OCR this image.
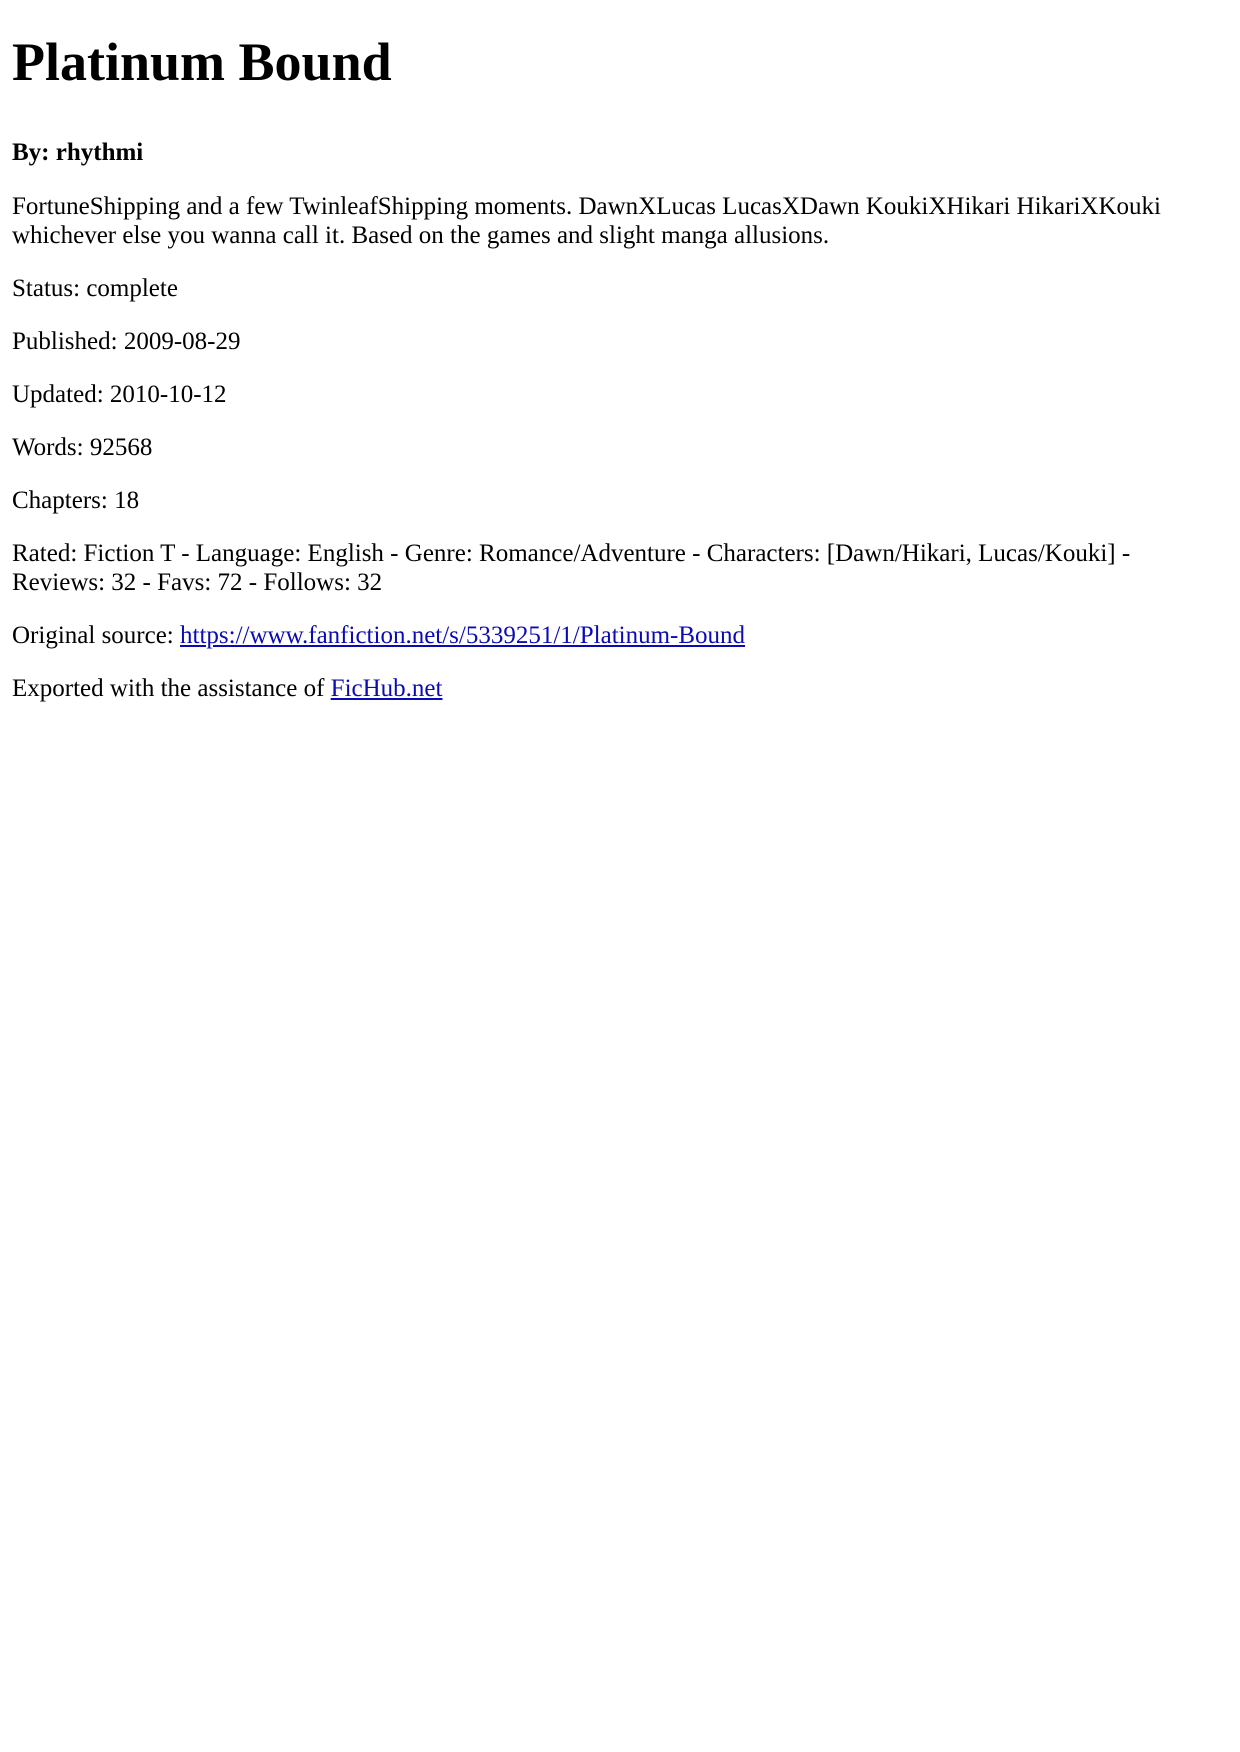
Platinum Bound
By: rhythmi

FortuneShipping and a few TwinleafShipping moments. DawnXLucas LucasXDawn KoukiXHikari HikariXKouki whichever else you wanna call it. Based on the games and slight manga allusions.

Status: complete

Published: 2009-08-29

Updated: 2010-10-12

Words: 92568

Chapters: 18

Rated: Fiction T - Language: English - Genre: Romance/Adventure - Characters: [Dawn/Hikari, Lucas/Kouki] - Reviews: 32 - Favs: 72 - Follows: 32

Original source: https://www.fanfiction.net/s/5339251/1/Platinum-Bound

Exported with the assistance of FicHub.net
